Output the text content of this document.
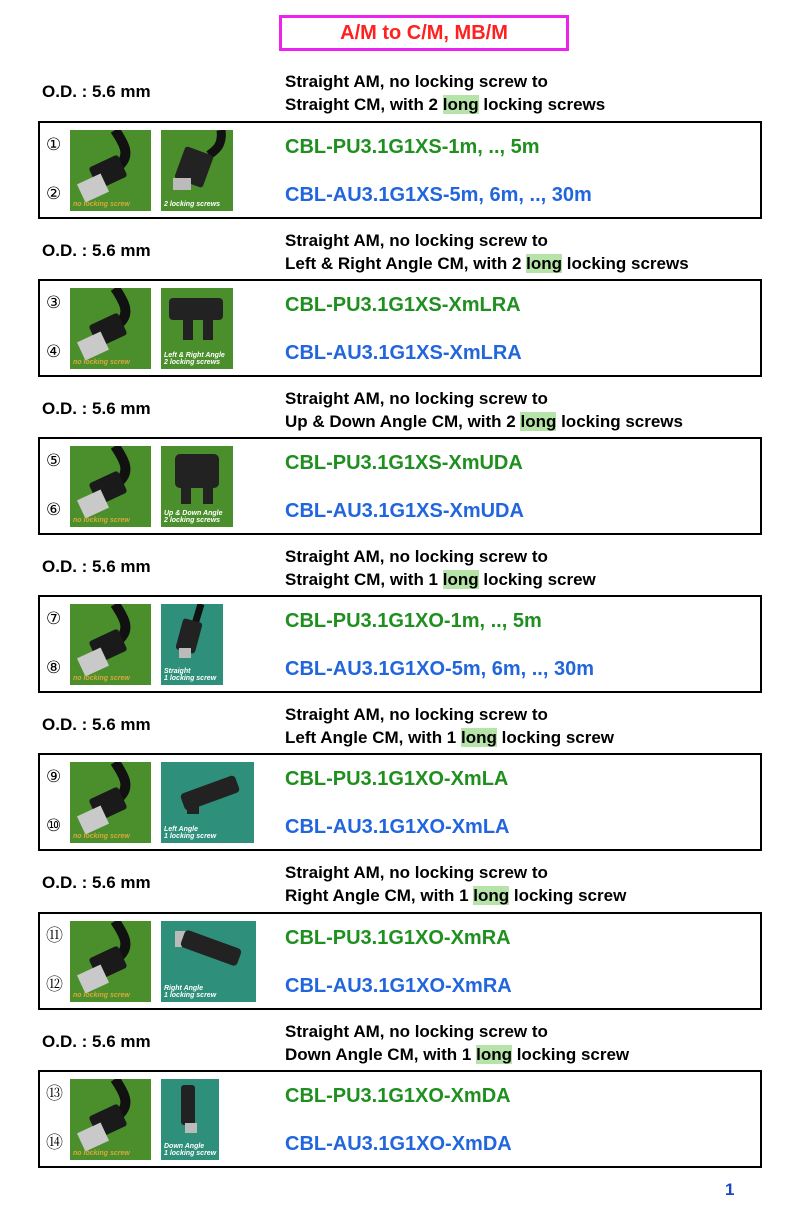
A/M to C/M, MB/M
O.D. : 5.6 mm
Straight AM, no locking screw to
Straight CM, with 2 long locking screws
①
②
no locking screw	2 locking screws
CBL-PU3.1G1XS-1m, .., 5m
CBL-AU3.1G1XS-5m, 6m, .., 30m
O.D. : 5.6 mm
Straight AM, no locking screw to
Left & Right Angle CM, with 2 long locking screws
③
④
no locking screw
Left & Right Angle
2 locking screws
CBL-PU3.1G1XS-XmLRA
CBL-AU3.1G1XS-XmLRA
O.D. : 5.6 mm
Straight AM, no locking screw to
Up & Down Angle CM, with 2 long locking screws
⑤
⑥
no locking screw
Up & Down Angle
2 locking screws
CBL-PU3.1G1XS-XmUDA
CBL-AU3.1G1XS-XmUDA
O.D. : 5.6 mm
Straight AM, no locking screw to
Straight CM, with 1 long locking screw
⑦
⑧
no locking screw
Straight
1 locking screw
CBL-PU3.1G1XO-1m, .., 5m
CBL-AU3.1G1XO-5m, 6m, .., 30m
O.D. : 5.6 mm
Straight AM, no locking screw to
Left Angle CM, with 1 long locking screw
⑨
⑩
no locking screw
Left Angle
1 locking screw
CBL-PU3.1G1XO-XmLA
CBL-AU3.1G1XO-XmLA
O.D. : 5.6 mm
Straight AM, no locking screw to
Right Angle CM, with 1 long locking screw
⑪
⑫
no locking screw
Right Angle
1 locking screw
CBL-PU3.1G1XO-XmRA
CBL-AU3.1G1XO-XmRA
O.D. : 5.6 mm
Straight AM, no locking screw to
Down Angle CM, with 1 long locking screw
⑬
⑭
no locking screw
Down Angle
1 locking screw
CBL-PU3.1G1XO-XmDA
CBL-AU3.1G1XO-XmDA
1
